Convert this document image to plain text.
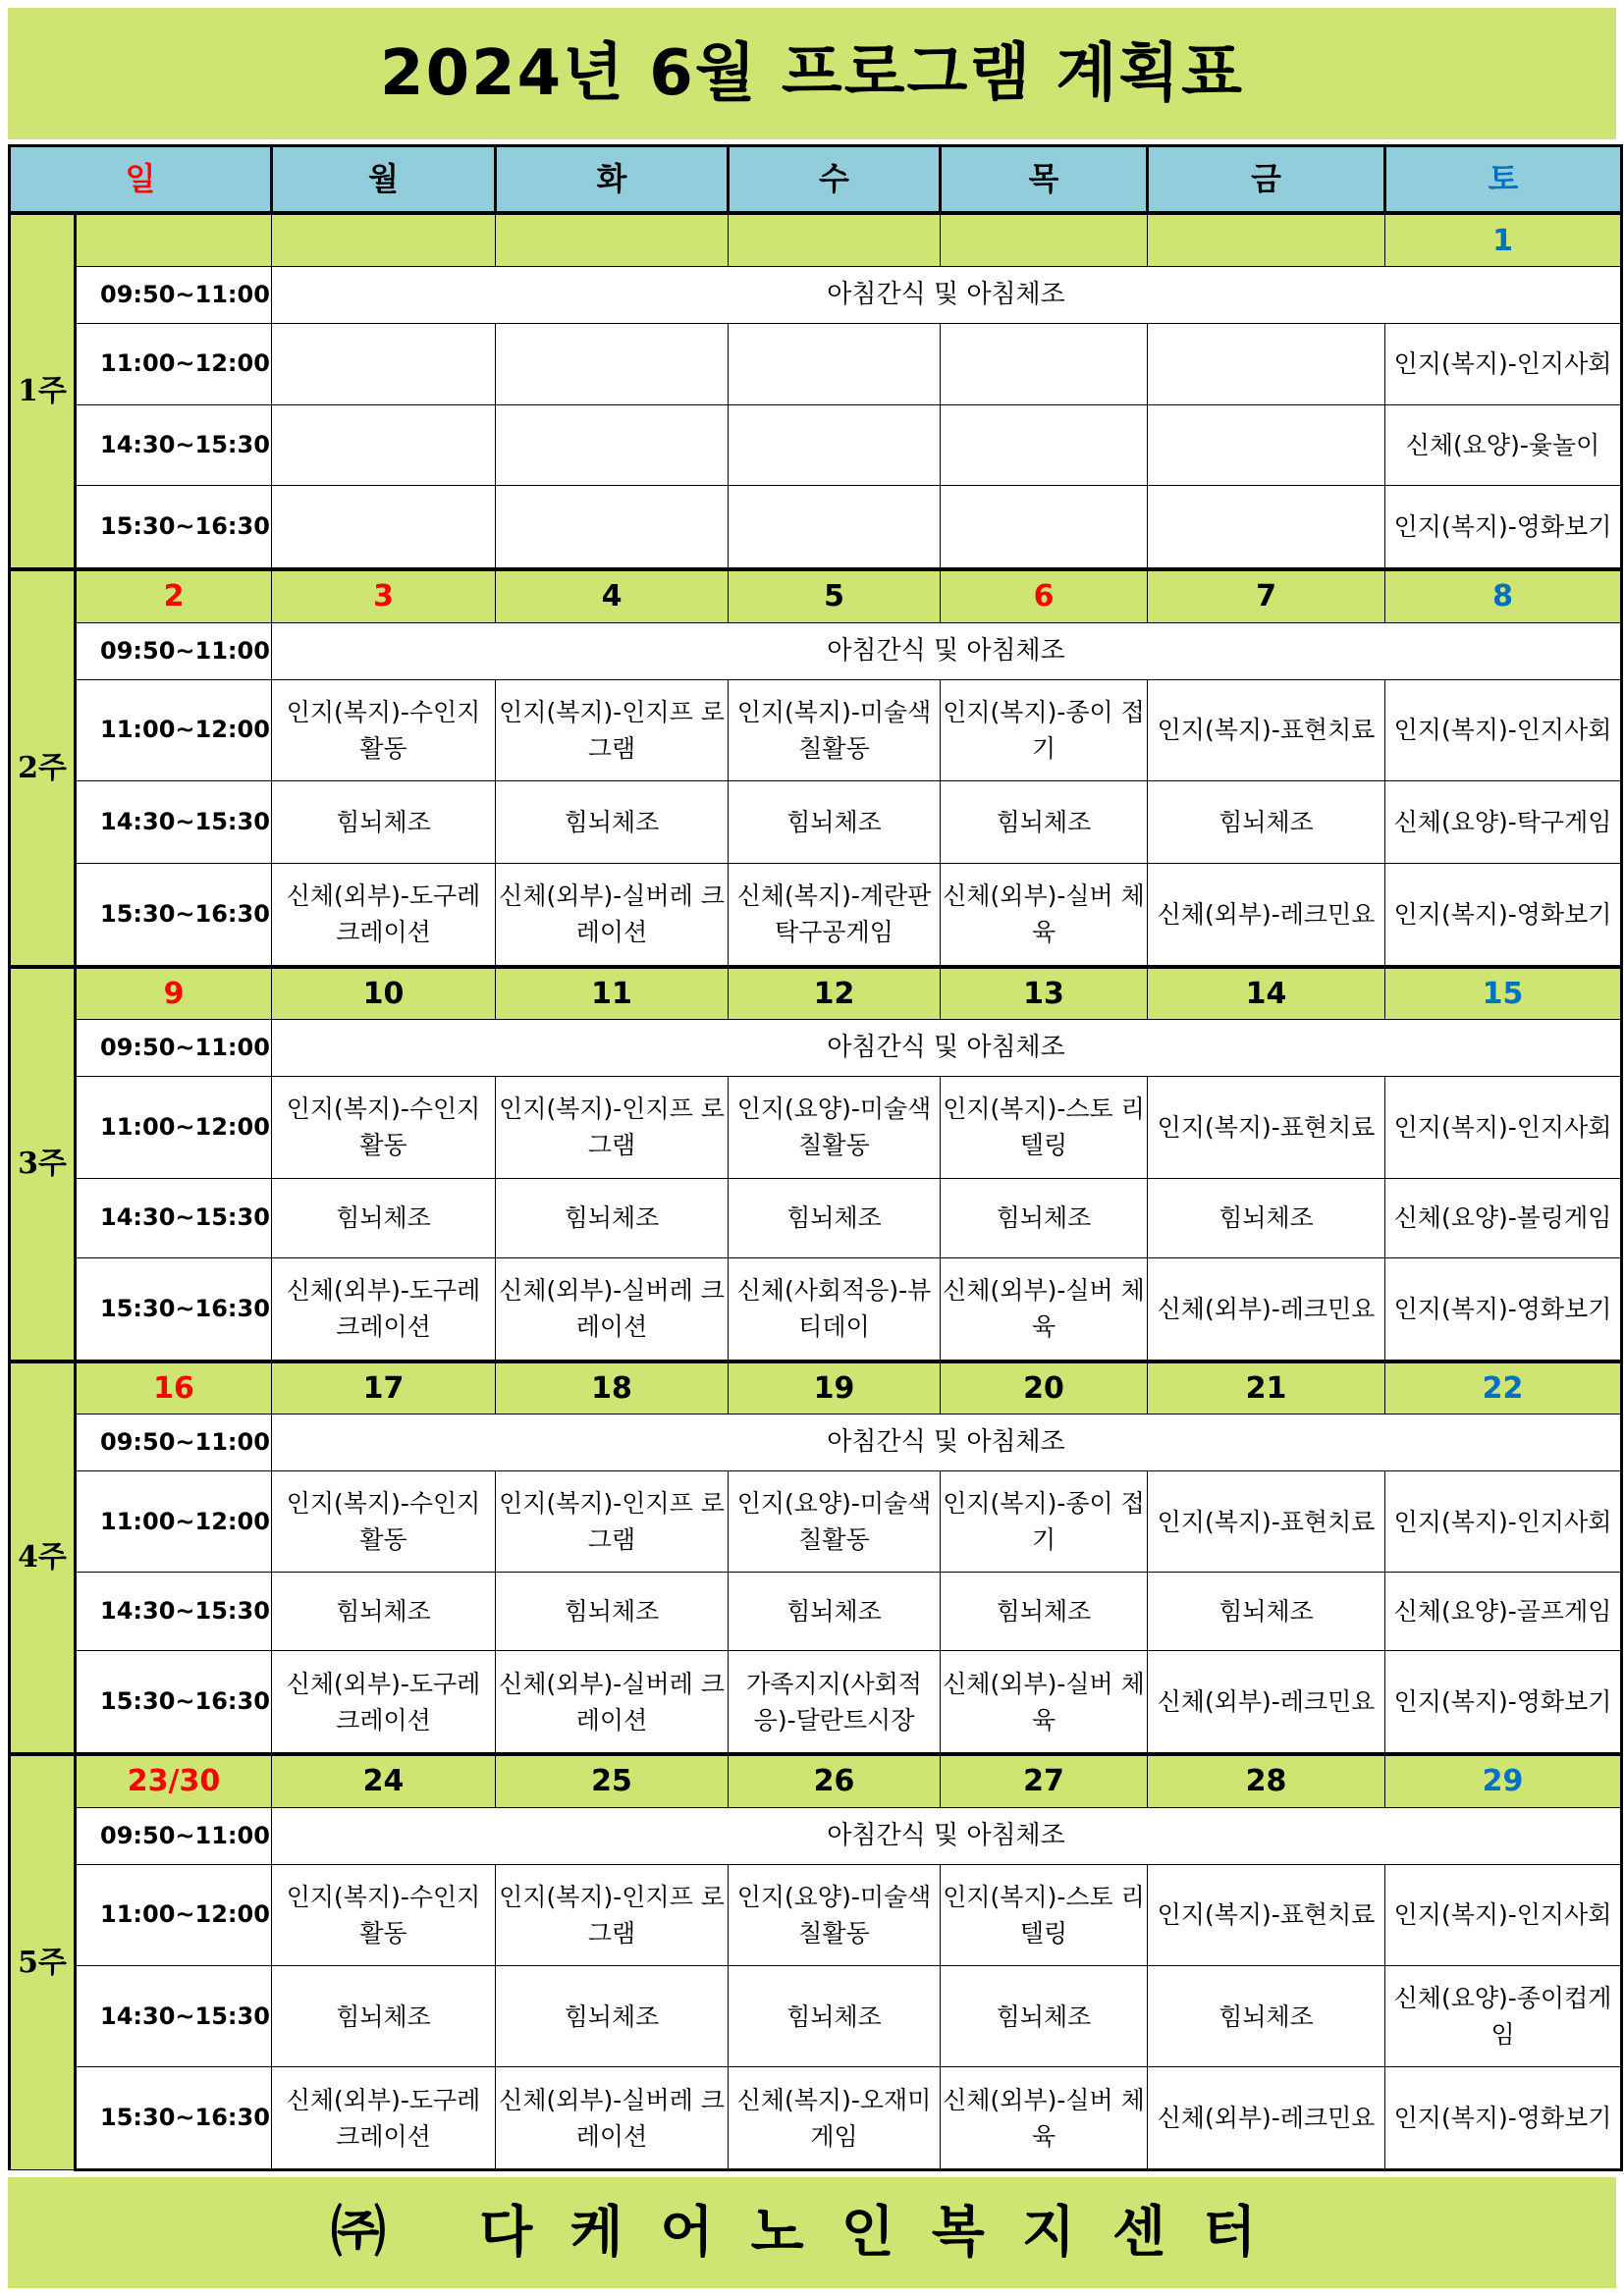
2024년 6월 프로그램 계획표
일		월	화	수	목	금	토
1주							1
	09:50~11:00	아침간식 및 아침체조					
	11:00~12:00						인지(복지)-인지사회
	14:30~15:30						신체(요양)-윷놀이
	15:30~16:30						인지(복지)-영화보기
2주	2	3	4	5	6	7	8
	09:50~11:00	아침간식 및 아침체조					
	11:00~12:00	인지(복지)-수인지 활동	인지(복지)-인지프 로그램	인지(복지)-미술색 칠활동	인지(복지)-종이 접기	인지(복지)-표현치료	인지(복지)-인지사회
	14:30~15:30	힘뇌체조	힘뇌체조	힘뇌체조	힘뇌체조	힘뇌체조	신체(요양)-탁구게임
	15:30~16:30	신체(외부)-도구레 크레이션	신체(외부)-실버레 크레이션	신체(복지)-계란판 탁구공게임	신체(외부)-실버 체육	신체(외부)-레크민요	인지(복지)-영화보기
3주	9	10	11	12	13	14	15
	09:50~11:00	아침간식 및 아침체조					
	11:00~12:00	인지(복지)-수인지 활동	인지(복지)-인지프 로그램	인지(요양)-미술색 칠활동	인지(복지)-스토 리텔링	인지(복지)-표현치료	인지(복지)-인지사회
	14:30~15:30	힘뇌체조	힘뇌체조	힘뇌체조	힘뇌체조	힘뇌체조	신체(요양)-볼링게임
	15:30~16:30	신체(외부)-도구레 크레이션	신체(외부)-실버레 크레이션	신체(사회적응)-뷰 티데이	신체(외부)-실버 체육	신체(외부)-레크민요	인지(복지)-영화보기
4주	16	17	18	19	20	21	22
	09:50~11:00	아침간식 및 아침체조					
	11:00~12:00	인지(복지)-수인지 활동	인지(복지)-인지프 로그램	인지(요양)-미술색 칠활동	인지(복지)-종이 접기	인지(복지)-표현치료	인지(복지)-인지사회
	14:30~15:30	힘뇌체조	힘뇌체조	힘뇌체조	힘뇌체조	힘뇌체조	신체(요양)-골프게임
	15:30~16:30	신체(외부)-도구레 크레이션	신체(외부)-실버레 크레이션	가족지지(사회적 응)-달란트시장	신체(외부)-실버 체육	신체(외부)-레크민요	인지(복지)-영화보기
5주	23/30	24	25	26	27	28	29
	09:50~11:00	아침간식 및 아침체조					
	11:00~12:00	인지(복지)-수인지 활동	인지(복지)-인지프 로그램	인지(요양)-미술색 칠활동	인지(복지)-스토 리텔링	인지(복지)-표현치료	인지(복지)-인지사회
	14:30~15:30	힘뇌체조	힘뇌체조	힘뇌체조	힘뇌체조	힘뇌체조	신체(요양)-종이컵게 임
	15:30~16:30	신체(외부)-도구레 크레이션	신체(외부)-실버레 크레이션	신체(복지)-오재미 게임	신체(외부)-실버 체육	신체(외부)-레크민요	인지(복지)-영화보기
㈜ 다케어노인복지센터
